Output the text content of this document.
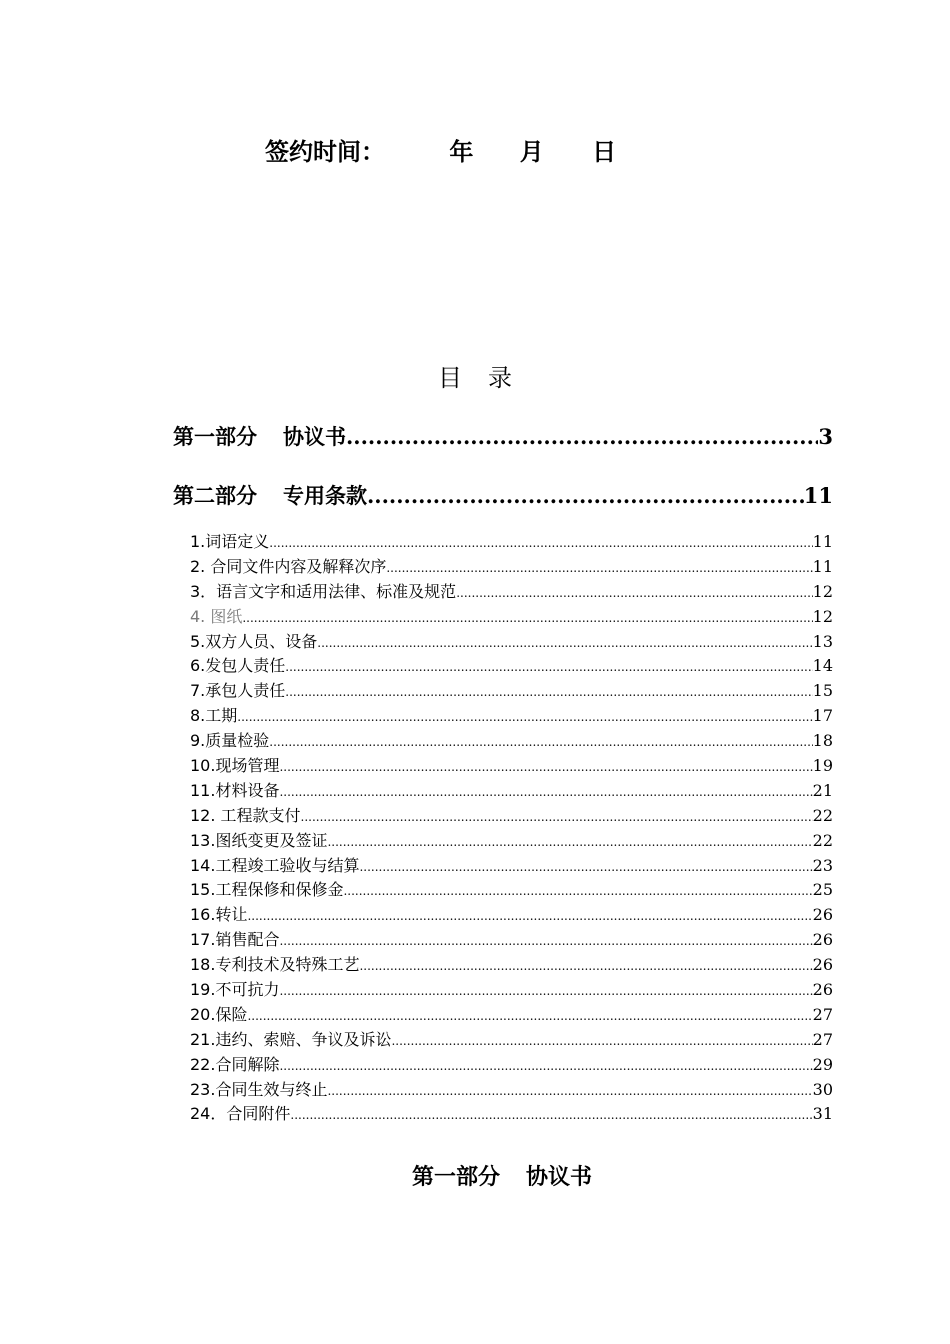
签约时间：	年 月 日
目录
第一部分 协议书 .....	3
第二部分 专用条款 .....	11
1.词语定义 .....	11
2. 合同文件内容及解释次序 .....	11
3．语言文字和适用法律、标准及规范 .....	12
4. 图纸 .....	12
5.双方人员、设备 .....	13
6.发包人责任 .....	14
7.承包人责任 .....	15
8.工期 .....	17
9.质量检验 .....	18
10.现场管理 .....	19
11.材料设备 .....	21
12. 工程款支付 .....	22
13.图纸变更及签证 .....	22
14.工程竣工验收与结算 .....	23
15.工程保修和保修金 .....	25
16.转让 .....	26
17.销售配合 .....	26
18.专利技术及特殊工艺 .....	26
19.不可抗力 .....	26
20.保险 .....	27
21.违约、索赔、争议及诉讼 .....	27
22.合同解除 .....	29
23.合同生效与终止 .....	30
24．合同附件 .....	31
第一部分 协议书
